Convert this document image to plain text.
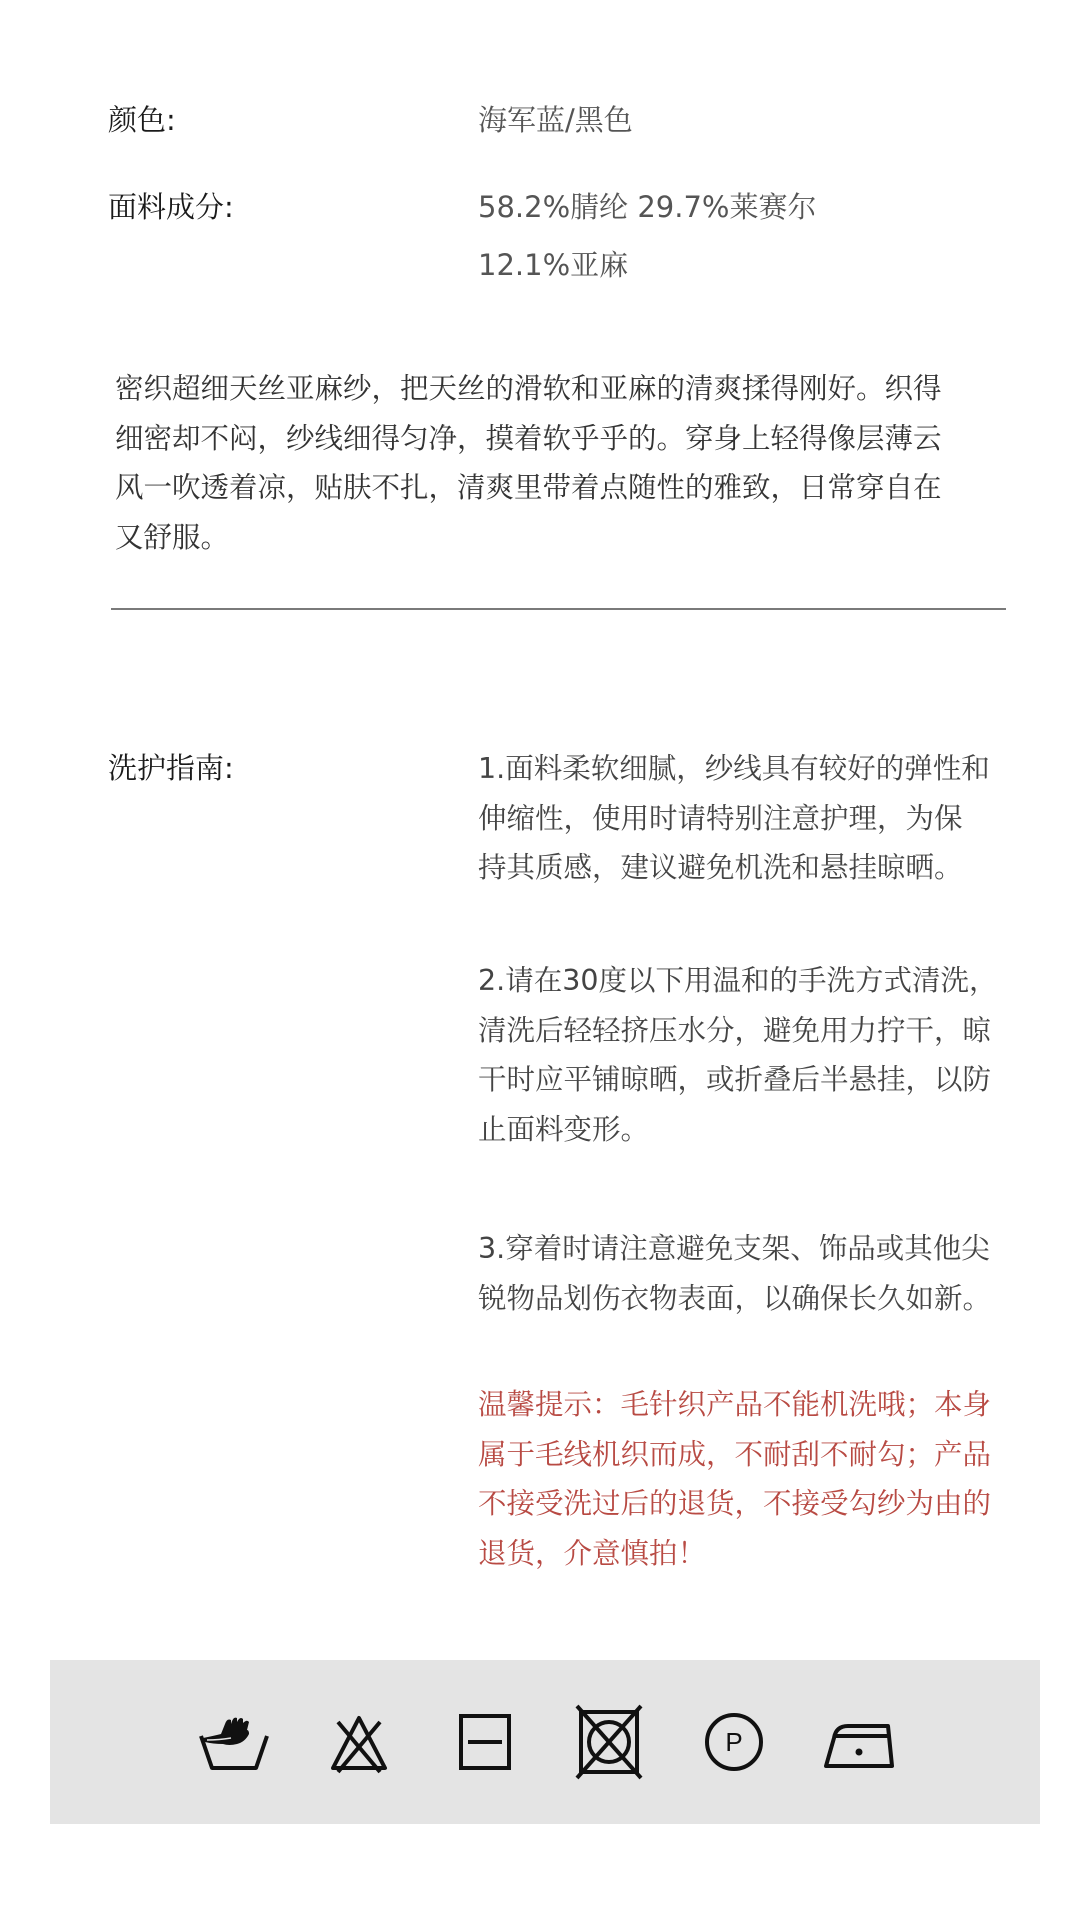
颜色:	海军蓝/黑色
面料成分:	58.2%腈纶 29.7%莱赛尔
12.1%亚麻
密织超细天丝亚麻纱，把天丝的滑软和亚麻的清爽揉得刚好。织得
细密却不闷，纱线细得匀净，摸着软乎乎的。穿身上轻得像层薄云
风一吹透着凉，贴肤不扎，清爽里带着点随性的雅致，日常穿自在
又舒服。
洗护指南:	1.面料柔软细腻，纱线具有较好的弹性和

伸缩性，使用时请特别注意护理，为保

持其质感，建议避免机洗和悬挂晾晒。

2.请在30度以下用温和的手洗方式清洗，

清洗后轻轻挤压水分，避免用力拧干，晾

干时应平铺晾晒，或折叠后半悬挂，以防

止面料变形。

3.穿着时请注意避免支架、饰品或其他尖

锐物品划伤衣物表面，以确保长久如新。

温馨提示：毛针织产品不能机洗哦；本身

属于毛线机织而成，不耐刮不耐勾；产品

不接受洗过后的退货，不接受勾纱为由的

退货，介意慎拍！

P
